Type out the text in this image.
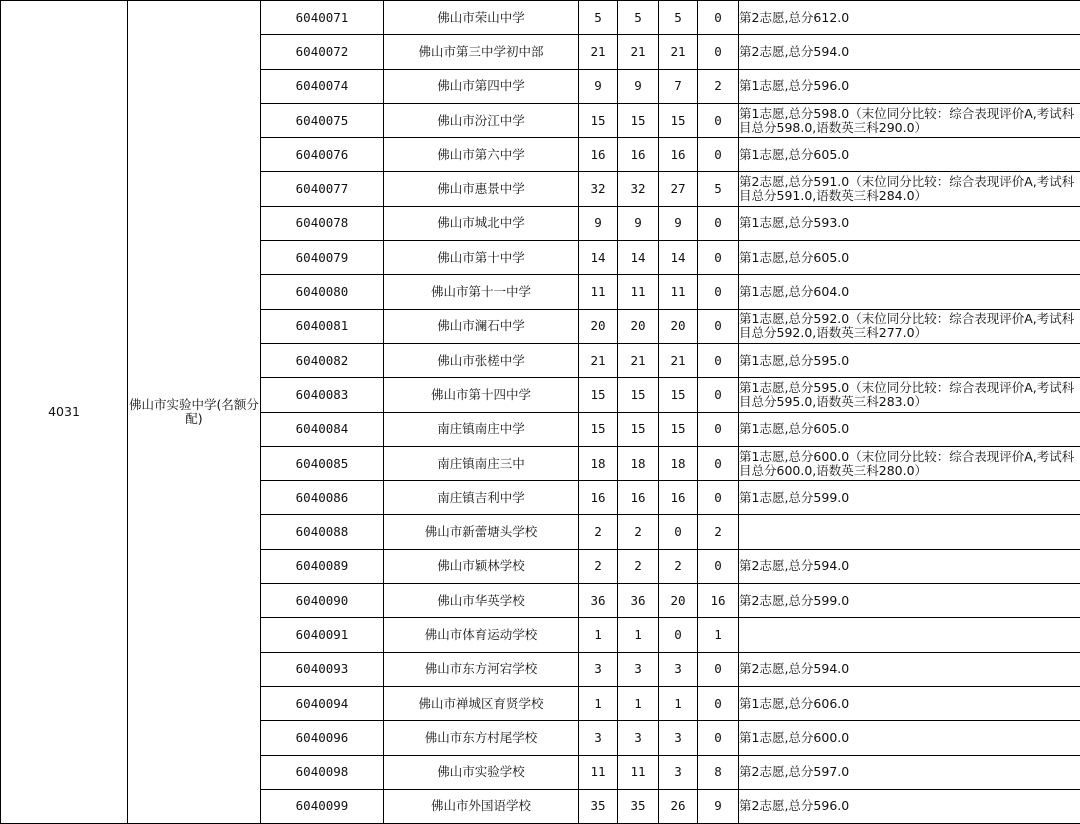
4031	佛山市实验中学(名额分配)	6040071	佛山市荣山中学	5	5	5	0	第2志愿,总分612.0
		6040072	佛山市第三中学初中部	21	21	21	0	第2志愿,总分594.0
		6040074	佛山市第四中学	9	9	7	2	第1志愿,总分596.0
		6040075	佛山市汾江中学	15	15	15	0	第1志愿,总分598.0（末位同分比较：综合表现评价A,考试科目总分598.0,语数英三科290.0）
		6040076	佛山市第六中学	16	16	16	0	第1志愿,总分605.0
		6040077	佛山市惠景中学	32	32	27	5	第2志愿,总分591.0（末位同分比较：综合表现评价A,考试科目总分591.0,语数英三科284.0）
		6040078	佛山市城北中学	9	9	9	0	第1志愿,总分593.0
		6040079	佛山市第十中学	14	14	14	0	第1志愿,总分605.0
		6040080	佛山市第十一中学	11	11	11	0	第1志愿,总分604.0
		6040081	佛山市澜石中学	20	20	20	0	第1志愿,总分592.0（末位同分比较：综合表现评价A,考试科目总分592.0,语数英三科277.0）
		6040082	佛山市张槎中学	21	21	21	0	第1志愿,总分595.0
		6040083	佛山市第十四中学	15	15	15	0	第1志愿,总分595.0（末位同分比较：综合表现评价A,考试科目总分595.0,语数英三科283.0）
		6040084	南庄镇南庄中学	15	15	15	0	第1志愿,总分605.0
		6040085	南庄镇南庄三中	18	18	18	0	第1志愿,总分600.0（末位同分比较：综合表现评价A,考试科目总分600.0,语数英三科280.0）
		6040086	南庄镇吉利中学	16	16	16	0	第1志愿,总分599.0
		6040088	佛山市新蕾塘头学校	2	2	0	2	
		6040089	佛山市颖林学校	2	2	2	0	第2志愿,总分594.0
		6040090	佛山市华英学校	36	36	20	16	第2志愿,总分599.0
		6040091	佛山市体育运动学校	1	1	0	1	
		6040093	佛山市东方河宕学校	3	3	3	0	第2志愿,总分594.0
		6040094	佛山市禅城区育贤学校	1	1	1	0	第1志愿,总分606.0
		6040096	佛山市东方村尾学校	3	3	3	0	第1志愿,总分600.0
		6040098	佛山市实验学校	11	11	3	8	第2志愿,总分597.0
		6040099	佛山市外国语学校	35	35	26	9	第2志愿,总分596.0
